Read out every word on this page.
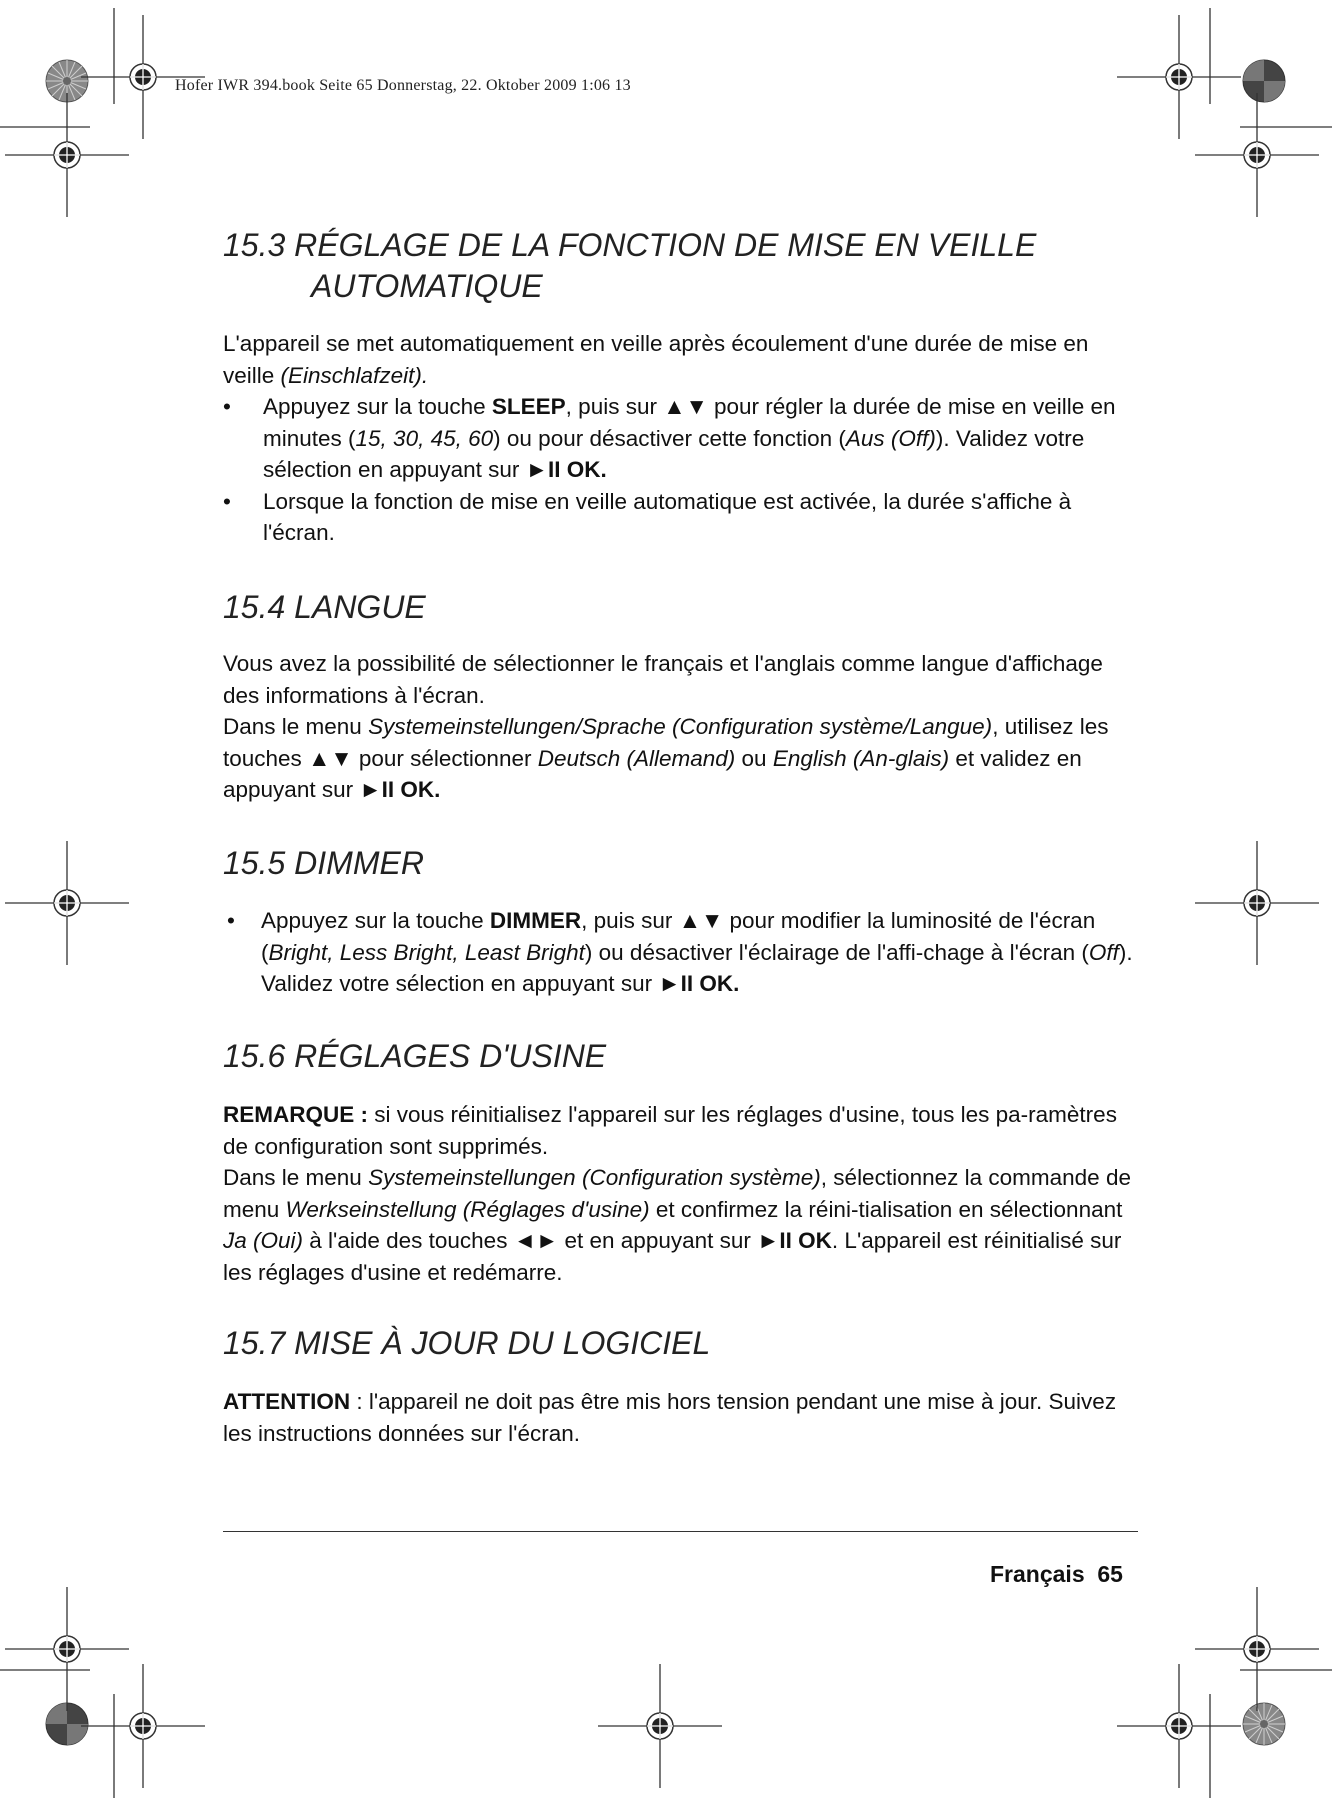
Hofer IWR 394.book Seite 65 Donnerstag, 22. Oktober 2009 1:06 13
15.3 RÉGLAGE DE LA FONCTION DE MISE EN VEILLE
AUTOMATIQUE

L'appareil se met automatiquement en veille après écoulement d'une durée de mise en veille (Einschlafzeit).

• Appuyez sur la touche SLEEP, puis sur ▲▼ pour régler la durée de mise en veille en minutes (15, 30, 45, 60) ou pour désactiver cette fonction (Aus (Off)). Validez votre sélection en appuyant sur ►II OK.

• Lorsque la fonction de mise en veille automatique est activée, la durée s'affiche à l'écran.

15.4 LANGUE

Vous avez la possibilité de sélectionner le français et l'anglais comme langue d'affichage des informations à l'écran.

Dans le menu Systemeinstellungen/Sprache (Configuration système/Langue), utilisez les touches ▲▼ pour sélectionner Deutsch (Allemand) ou English (An-glais) et validez en appuyant sur ►II OK.

15.5 DIMMER

• Appuyez sur la touche DIMMER, puis sur ▲▼ pour modifier la luminosité de l'écran (Bright, Less Bright, Least Bright) ou désactiver l'éclairage de l'affi-chage à l'écran (Off). Validez votre sélection en appuyant sur ►II OK.

15.6 RÉGLAGES D'USINE

REMARQUE : si vous réinitialisez l'appareil sur les réglages d'usine, tous les pa-ramètres de configuration sont supprimés.

Dans le menu Systemeinstellungen (Configuration système), sélectionnez la commande de menu Werkseinstellung (Réglages d'usine) et confirmez la réini-tialisation en sélectionnant Ja (Oui) à l'aide des touches ◄► et en appuyant sur ►II OK. L'appareil est réinitialisé sur les réglages d'usine et redémarre.

15.7 MISE À JOUR DU LOGICIEL

ATTENTION : l'appareil ne doit pas être mis hors tension pendant une mise à jour. Suivez les instructions données sur l'écran.

Français 65
